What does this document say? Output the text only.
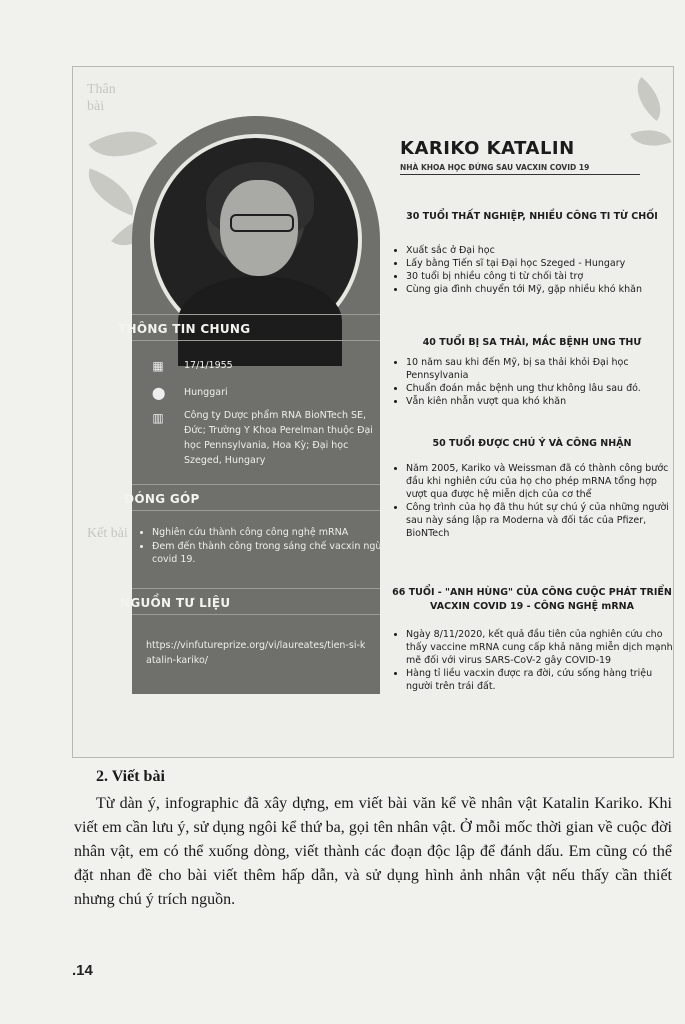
Thân
bài
Kết bài
THÔNG TIN CHUNG
▦ 17/1/1955
⬤ Hunggari
▥ Công ty Dược phẩm RNA BioNTech SE, Đức; Trường Y Khoa Perelman thuộc Đại học Pennsylvania, Hoa Kỳ; Đại học Szeged, Hungary
ĐÓNG GÓP
• Nghiên cứu thành công công nghệ mRNA
• Đem đến thành công trong sáng chế vacxin ngừa covid 19.
NGUỒN TƯ LIỆU
https://vinfutureprize.org/vi/laureates/tien-si-katalin-kariko/
KARIKO KATALIN
NHÀ KHOA HỌC ĐỨNG SAU VACXIN COVID 19
30 TUỔI THẤT NGHIỆP, NHIỀU CÔNG TI TỪ CHỐI
• Xuất sắc ở Đại học
• Lấy bằng Tiến sĩ tại Đại học Szeged - Hungary
• 30 tuổi bị nhiều công ti từ chối tài trợ
• Cùng gia đình chuyển tới Mỹ, gặp nhiều khó khăn
40 TUỔI BỊ SA THẢI, MẮC BỆNH UNG THƯ
• 10 năm sau khi đến Mỹ, bị sa thải khỏi Đại học Pennsylvania
• Chuẩn đoán mắc bệnh ung thư không lâu sau đó.
• Vẫn kiên nhẫn vượt qua khó khăn
50 TUỔI ĐƯỢC CHÚ Ý VÀ CÔNG NHẬN
• Năm 2005, Kariko và Weissman đã có thành công bước đầu khi nghiên cứu của họ cho phép mRNA tổng hợp vượt qua được hệ miễn dịch của cơ thể
• Công trình của họ đã thu hút sự chú ý của những người sau này sáng lập ra Moderna và đối tác của Pfizer, BioNTech
66 TUỔI - "ANH HÙNG" CỦA CÔNG CUỘC PHÁT TRIỂN VACXIN COVID 19 - CÔNG NGHỆ mRNA
• Ngày 8/11/2020, kết quả đầu tiên của nghiên cứu cho thấy vaccine mRNA cung cấp khả năng miễn dịch mạnh mẽ đối với virus SARS-CoV-2 gây COVID-19
• Hàng tỉ liều vacxin được ra đời, cứu sống hàng triệu người trên trái đất.
2. Viết bài

Từ dàn ý, infographic đã xây dựng, em viết bài văn kể về nhân vật Katalin Kariko. Khi viết em cần lưu ý, sử dụng ngôi kể thứ ba, gọi tên nhân vật. Ở mỗi mốc thời gian về cuộc đời nhân vật, em có thể xuống dòng, viết thành các đoạn độc lập để đánh dấu. Em cũng có thể đặt nhan đề cho bài viết thêm hấp dẫn, và sử dụng hình ảnh nhân vật nếu thấy cần thiết nhưng chú ý trích nguồn.

.14
